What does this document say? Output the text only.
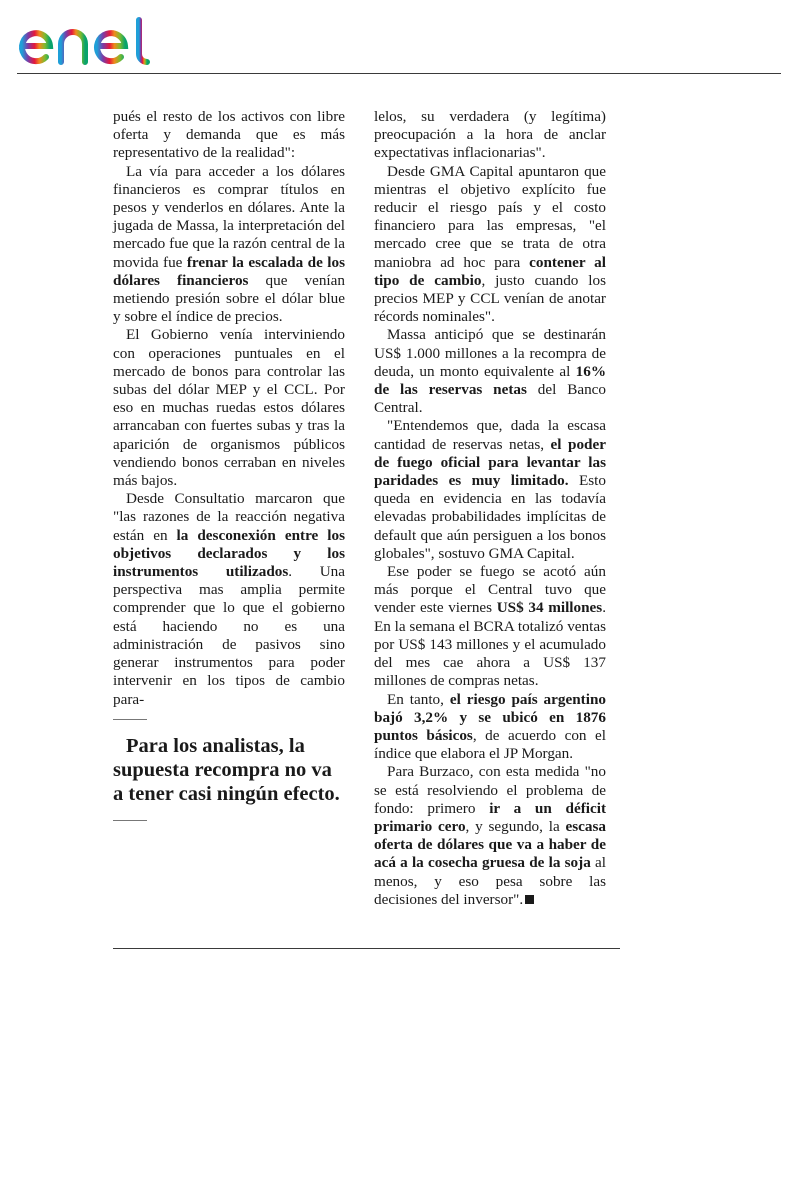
pués el resto de los activos con libre oferta y demanda que es más representativo de la realidad":

La vía para acceder a los dólares financieros es comprar títulos en pesos y venderlos en dólares. Ante la jugada de Massa, la interpretación del mercado fue que la razón central de la movida fue frenar la escalada de los dólares financieros que venían metiendo presión sobre el dólar blue y sobre el índice de precios.

El Gobierno venía interviniendo con operaciones puntuales en el mercado de bonos para controlar las subas del dólar MEP y el CCL. Por eso en muchas ruedas estos dólares arrancaban con fuertes subas y tras la aparición de organismos públicos vendiendo bonos cerraban en niveles más bajos.

Desde Consultatio marcaron que "las razones de la reacción negativa están en la desconexión entre los objetivos declarados y los instrumentos utilizados. Una perspectiva mas amplia permite comprender que lo que el gobierno está haciendo no es una administración de pasivos sino generar instrumentos para poder intervenir en los tipos de cambio para-

Para los analistas, la supuesta recompra no va a tener casi ningún efecto.

lelos, su verdadera (y legítima) preocupación a la hora de anclar expectativas inflacionarias".

Desde GMA Capital apuntaron que mientras el objetivo explícito fue reducir el riesgo país y el costo financiero para las empresas, "el mercado cree que se trata de otra maniobra ad hoc para contener al tipo de cambio, justo cuando los precios MEP y CCL venían de anotar récords nominales".

Massa anticipó que se destinarán US$ 1.000 millones a la recompra de deuda, un monto equivalente al 16% de las reservas netas del Banco Central.

"Entendemos que, dada la escasa cantidad de reservas netas, el poder de fuego oficial para levantar las paridades es muy limitado. Esto queda en evidencia en las todavía elevadas probabilidades implícitas de default que aún persiguen a los bonos globales", sostuvo GMA Capital.

Ese poder se fuego se acotó aún más porque el Central tuvo que vender este viernes US$ 34 millones. En la semana el BCRA totalizó ventas por US$ 143 millones y el acumulado del mes cae ahora a US$ 137 millones de compras netas.

En tanto, el riesgo país argentino bajó 3,2% y se ubicó en 1876 puntos básicos, de acuerdo con el índice que elabora el JP Morgan.

Para Burzaco, con esta medida "no se está resolviendo el problema de fondo: primero ir a un déficit primario cero, y segundo, la escasa oferta de dólares que va a haber de acá a la cosecha gruesa de la soja al menos, y eso pesa sobre las decisiones del inversor".
